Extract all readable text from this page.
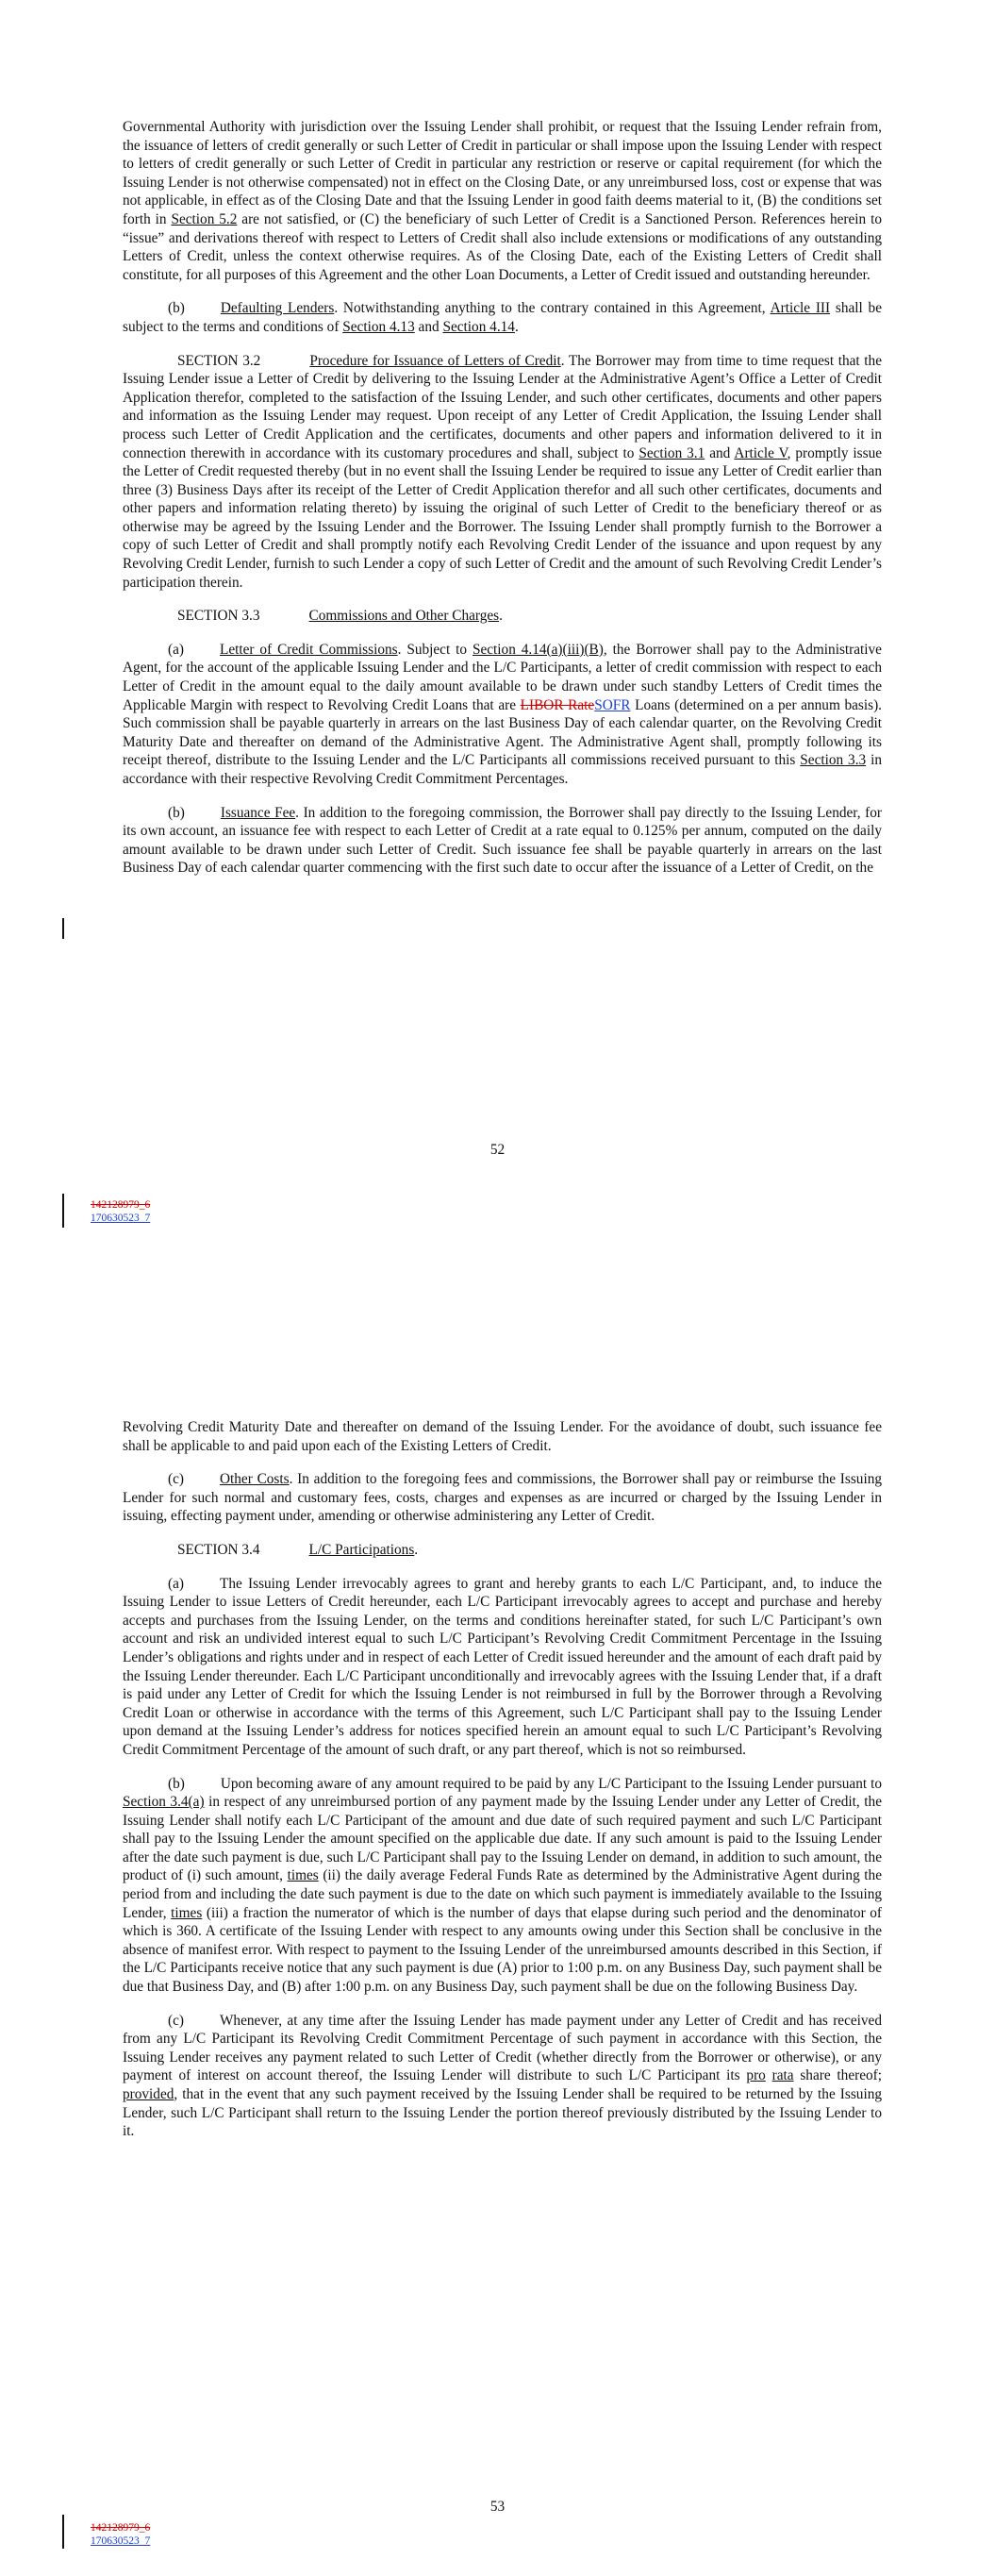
Governmental Authority with jurisdiction over the Issuing Lender shall prohibit, or request that the Issuing Lender refrain from, the issuance of letters of credit generally or such Letter of Credit in particular or shall impose upon the Issuing Lender with respect to letters of credit generally or such Letter of Credit in particular any restriction or reserve or capital requirement (for which the Issuing Lender is not otherwise compensated) not in effect on the Closing Date, or any unreimbursed loss, cost or expense that was not applicable, in effect as of the Closing Date and that the Issuing Lender in good faith deems material to it, (B) the conditions set forth in Section 5.2 are not satisfied, or (C) the beneficiary of such Letter of Credit is a Sanctioned Person. References herein to “issue” and derivations thereof with respect to Letters of Credit shall also include extensions or modifications of any outstanding Letters of Credit, unless the context otherwise requires. As of the Closing Date, each of the Existing Letters of Credit shall constitute, for all purposes of this Agreement and the other Loan Documents, a Letter of Credit issued and outstanding hereunder.

(b) Defaulting Lenders. Notwithstanding anything to the contrary contained in this Agreement, Article III shall be subject to the terms and conditions of Section 4.13 and Section 4.14.

SECTION 3.2	Procedure for Issuance of Letters of Credit. The Borrower may from time to time request that the Issuing Lender issue a Letter of Credit by delivering to the Issuing Lender at the Administrative Agent’s Office a Letter of Credit Application therefor, completed to the satisfaction of the Issuing Lender, and such other certificates, documents and other papers and information as the Issuing Lender may request. Upon receipt of any Letter of Credit Application, the Issuing Lender shall process such Letter of Credit Application and the certificates, documents and other papers and information delivered to it in connection therewith in accordance with its customary procedures and shall, subject to Section 3.1 and Article V, promptly issue the Letter of Credit requested thereby (but in no event shall the Issuing Lender be required to issue any Letter of Credit earlier than three (3) Business Days after its receipt of the Letter of Credit Application therefor and all such other certificates, documents and other papers and information relating thereto) by issuing the original of such Letter of Credit to the beneficiary thereof or as otherwise may be agreed by the Issuing Lender and the Borrower. The Issuing Lender shall promptly furnish to the Borrower a copy of such Letter of Credit and shall promptly notify each Revolving Credit Lender of the issuance and upon request by any Revolving Credit Lender, furnish to such Lender a copy of such Letter of Credit and the amount of such Revolving Credit Lender’s participation therein.

SECTION 3.3	Commissions and Other Charges.

(a) Letter of Credit Commissions. Subject to Section 4.14(a)(iii)(B), the Borrower shall pay to the Administrative Agent, for the account of the applicable Issuing Lender and the L/C Participants, a letter of credit commission with respect to each Letter of Credit in the amount equal to the daily amount available to be drawn under such standby Letters of Credit times the Applicable Margin with respect to Revolving Credit Loans that are LIBOR RateSOFR Loans (determined on a per annum basis). Such commission shall be payable quarterly in arrears on the last Business Day of each calendar quarter, on the Revolving Credit Maturity Date and thereafter on demand of the Administrative Agent. The Administrative Agent shall, promptly following its receipt thereof, distribute to the Issuing Lender and the L/C Participants all commissions received pursuant to this Section 3.3 in accordance with their respective Revolving Credit Commitment Percentages.

(b) Issuance Fee. In addition to the foregoing commission, the Borrower shall pay directly to the Issuing Lender, for its own account, an issuance fee with respect to each Letter of Credit at a rate equal to 0.125% per annum, computed on the daily amount available to be drawn under such Letter of Credit. Such issuance fee shall be payable quarterly in arrears on the last Business Day of each calendar quarter commencing with the first such date to occur after the issuance of a Letter of Credit, on the

52
142128979_6
170630523_7

Revolving Credit Maturity Date and thereafter on demand of the Issuing Lender. For the avoidance of doubt, such issuance fee shall be applicable to and paid upon each of the Existing Letters of Credit.

(c) Other Costs. In addition to the foregoing fees and commissions, the Borrower shall pay or reimburse the Issuing Lender for such normal and customary fees, costs, charges and expenses as are incurred or charged by the Issuing Lender in issuing, effecting payment under, amending or otherwise administering any Letter of Credit.

SECTION 3.4	L/C Participations.

(a) The Issuing Lender irrevocably agrees to grant and hereby grants to each L/C Participant, and, to induce the Issuing Lender to issue Letters of Credit hereunder, each L/C Participant irrevocably agrees to accept and purchase and hereby accepts and purchases from the Issuing Lender, on the terms and conditions hereinafter stated, for such L/C Participant’s own account and risk an undivided interest equal to such L/C Participant’s Revolving Credit Commitment Percentage in the Issuing Lender’s obligations and rights under and in respect of each Letter of Credit issued hereunder and the amount of each draft paid by the Issuing Lender thereunder. Each L/C Participant unconditionally and irrevocably agrees with the Issuing Lender that, if a draft is paid under any Letter of Credit for which the Issuing Lender is not reimbursed in full by the Borrower through a Revolving Credit Loan or otherwise in accordance with the terms of this Agreement, such L/C Participant shall pay to the Issuing Lender upon demand at the Issuing Lender’s address for notices specified herein an amount equal to such L/C Participant’s Revolving Credit Commitment Percentage of the amount of such draft, or any part thereof, which is not so reimbursed.

(b) Upon becoming aware of any amount required to be paid by any L/C Participant to the Issuing Lender pursuant to Section 3.4(a) in respect of any unreimbursed portion of any payment made by the Issuing Lender under any Letter of Credit, the Issuing Lender shall notify each L/C Participant of the amount and due date of such required payment and such L/C Participant shall pay to the Issuing Lender the amount specified on the applicable due date. If any such amount is paid to the Issuing Lender after the date such payment is due, such L/C Participant shall pay to the Issuing Lender on demand, in addition to such amount, the product of (i) such amount, times (ii) the daily average Federal Funds Rate as determined by the Administrative Agent during the period from and including the date such payment is due to the date on which such payment is immediately available to the Issuing Lender, times (iii) a fraction the numerator of which is the number of days that elapse during such period and the denominator of which is 360. A certificate of the Issuing Lender with respect to any amounts owing under this Section shall be conclusive in the absence of manifest error. With respect to payment to the Issuing Lender of the unreimbursed amounts described in this Section, if the L/C Participants receive notice that any such payment is due (A) prior to 1:00 p.m. on any Business Day, such payment shall be due that Business Day, and (B) after 1:00 p.m. on any Business Day, such payment shall be due on the following Business Day.

(c) Whenever, at any time after the Issuing Lender has made payment under any Letter of Credit and has received from any L/C Participant its Revolving Credit Commitment Percentage of such payment in accordance with this Section, the Issuing Lender receives any payment related to such Letter of Credit (whether directly from the Borrower or otherwise), or any payment of interest on account thereof, the Issuing Lender will distribute to such L/C Participant its pro rata share thereof; provided, that in the event that any such payment received by the Issuing Lender shall be required to be returned by the Issuing Lender, such L/C Participant shall return to the Issuing Lender the portion thereof previously distributed by the Issuing Lender to it.

53
142128979_6
170630523_7
